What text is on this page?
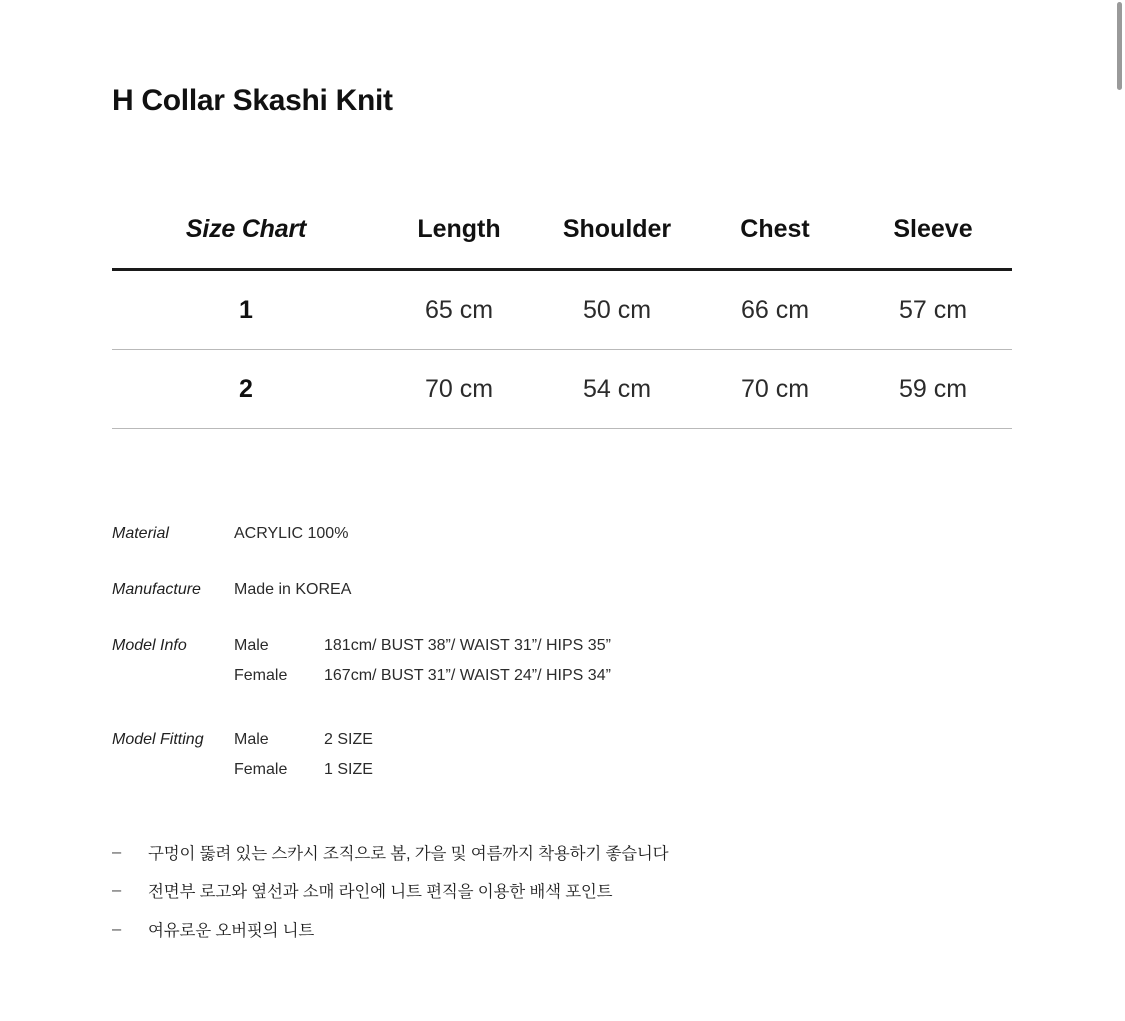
H Collar Skashi Knit
Size Chart	Length	Shoulder	Chest	Sleeve
1	65 cm	50 cm	66 cm	57 cm
2	70 cm	54 cm	70 cm	59 cm
Material	ACRYLIC 100%
Manufacture	Made in KOREA
Model Info	Male	181cm/ BUST 38”/ WAIST 31”/ HIPS 35”
Female	167cm/ BUST 31”/ WAIST 24”/ HIPS 34”
Model Fitting	Male	2 SIZE
Female	1 SIZE
–	구멍이 뚫려 있는 스카시 조직으로 봄, 가을 및 여름까지 착용하기 좋습니다
–	전면부 로고와 옆선과 소매 라인에 니트 편직을 이용한 배색 포인트
–	여유로운 오버핏의 니트
